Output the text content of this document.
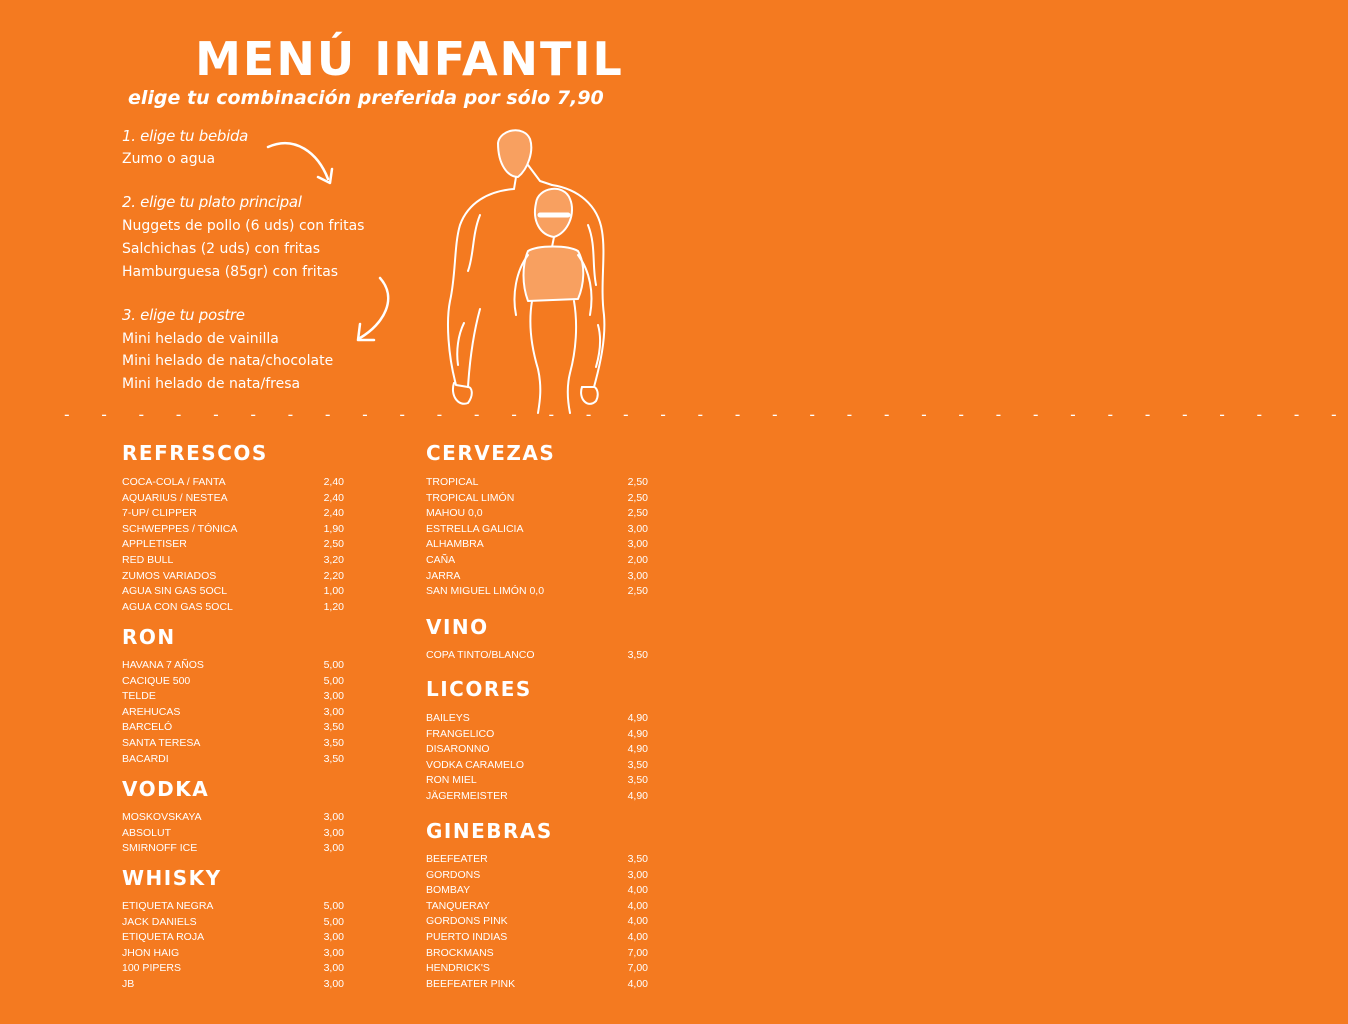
MENÚ INFANTIL
elige tu combinación preferida por sólo 7,90
1. elige tu bebida
Zumo o agua
2. elige tu plato principal
Nuggets de pollo (6 uds) con fritas
Salchichas (2 uds) con fritas
Hamburguesa (85gr) con fritas
3. elige tu postre
Mini helado de vainilla
Mini helado de nata/chocolate
Mini helado de nata/fresa
- - - - - - - - - - - - - - - - - - - - - - - - - - - - - - - - - - -
REFRESCOS
COCA-COLA / FANTA	2,40
AQUARIUS / NESTEA	2,40
7-UP/ CLIPPER	2,40
SCHWEPPES / TÓNICA	1,90
APPLETISER	2,50
RED BULL	3,20
ZUMOS VARIADOS	2,20
AGUA SIN GAS 5OCL	1,00
AGUA CON GAS 5OCL	1,20
RON
HAVANA 7 AÑOS	5,00
CACIQUE 500	5,00
TELDE	3,00
AREHUCAS	3,00
BARCELÓ	3,50
SANTA TERESA	3,50
BACARDI	3,50
VODKA
MOSKOVSKAYA	3,00
ABSOLUT	3,00
SMIRNOFF ICE	3,00
WHISKY
ETIQUETA NEGRA	5,00
JACK DANIELS	5,00
ETIQUETA ROJA	3,00
JHON HAIG	3,00
100 PIPERS	3,00
JB	3,00
CERVEZAS
TROPICAL	2,50
TROPICAL LIMÓN	2,50
MAHOU 0,0	2,50
ESTRELLA GALICIA	3,00
ALHAMBRA	3,00
CAÑA	2,00
JARRA	3,00
SAN MIGUEL LIMÓN 0,0	2,50
VINO
COPA TINTO/BLANCO	3,50
LICORES
BAILEYS	4,90
FRANGELICO	4,90
DISARONNO	4,90
VODKA CARAMELO	3,50
RON MIEL	3,50
JÄGERMEISTER	4,90
GINEBRAS
BEEFEATER	3,50
GORDONS	3,00
BOMBAY	4,00
TANQUERAY	4,00
GORDONS PINK	4,00
PUERTO INDIAS	4,00
BROCKMANS	7,00
HENDRICK'S	7,00
BEEFEATER PINK	4,00
